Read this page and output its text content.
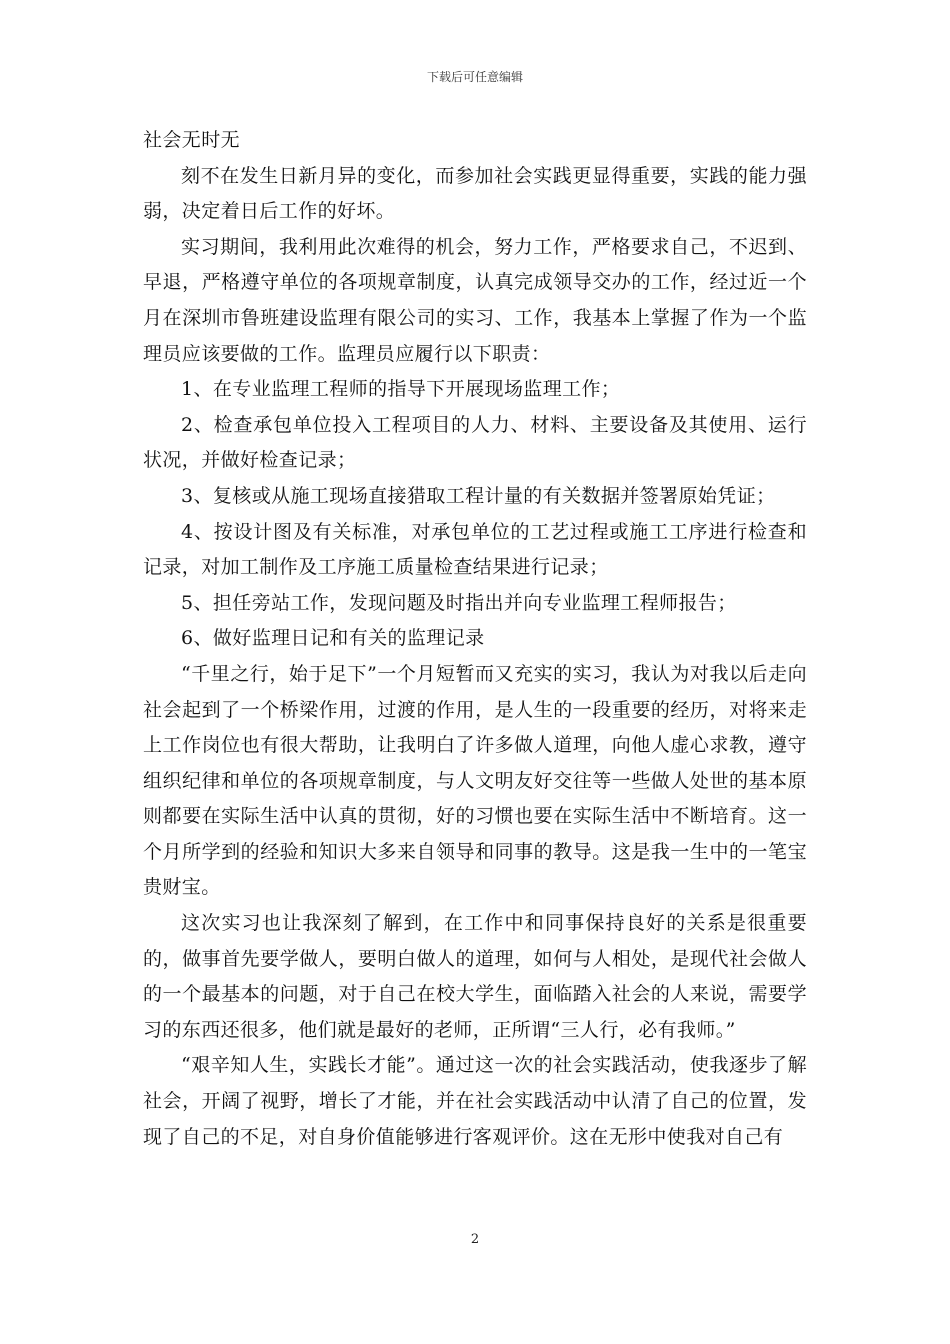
下载后可任意编辑

社会无时无

刻不在发生日新月异的变化，而参加社会实践更显得重要，实践的能力强弱，决定着日后工作的好坏。

实习期间，我利用此次难得的机会，努力工作，严格要求自己，不迟到、早退，严格遵守单位的各项规章制度，认真完成领导交办的工作，经过近一个月在深圳市鲁班建设监理有限公司的实习、工作，我基本上掌握了作为一个监理员应该要做的工作。监理员应履行以下职责：

1、在专业监理工程师的指导下开展现场监理工作；

2、检查承包单位投入工程项目的人力、材料、主要设备及其使用、运行状况，并做好检查记录；

3、复核或从施工现场直接猎取工程计量的有关数据并签署原始凭证；

4、按设计图及有关标准，对承包单位的工艺过程或施工工序进行检查和记录，对加工制作及工序施工质量检查结果进行记录；

5、担任旁站工作，发现问题及时指出并向专业监理工程师报告；

6、做好监理日记和有关的监理记录

“千里之行，始于足下”一个月短暂而又充实的实习，我认为对我以后走向社会起到了一个桥梁作用，过渡的作用，是人生的一段重要的经历，对将来走上工作岗位也有很大帮助，让我明白了许多做人道理，向他人虚心求教，遵守组织纪律和单位的各项规章制度，与人文明友好交往等一些做人处世的基本原则都要在实际生活中认真的贯彻，好的习惯也要在实际生活中不断培育。这一个月所学到的经验和知识大多来自领导和同事的教导。这是我一生中的一笔宝贵财宝。

这次实习也让我深刻了解到，在工作中和同事保持良好的关系是很重要的，做事首先要学做人，要明白做人的道理，如何与人相处，是现代社会做人的一个最基本的问题，对于自己在校大学生，面临踏入社会的人来说，需要学习的东西还很多，他们就是最好的老师，正所谓“三人行，必有我师。”

“艰辛知人生，实践长才能”。通过这一次的社会实践活动，使我逐步了解社会，开阔了视野，增长了才能，并在社会实践活动中认清了自己的位置，发现了自己的不足，对自身价值能够进行客观评价。这在无形中使我对自己有

2
